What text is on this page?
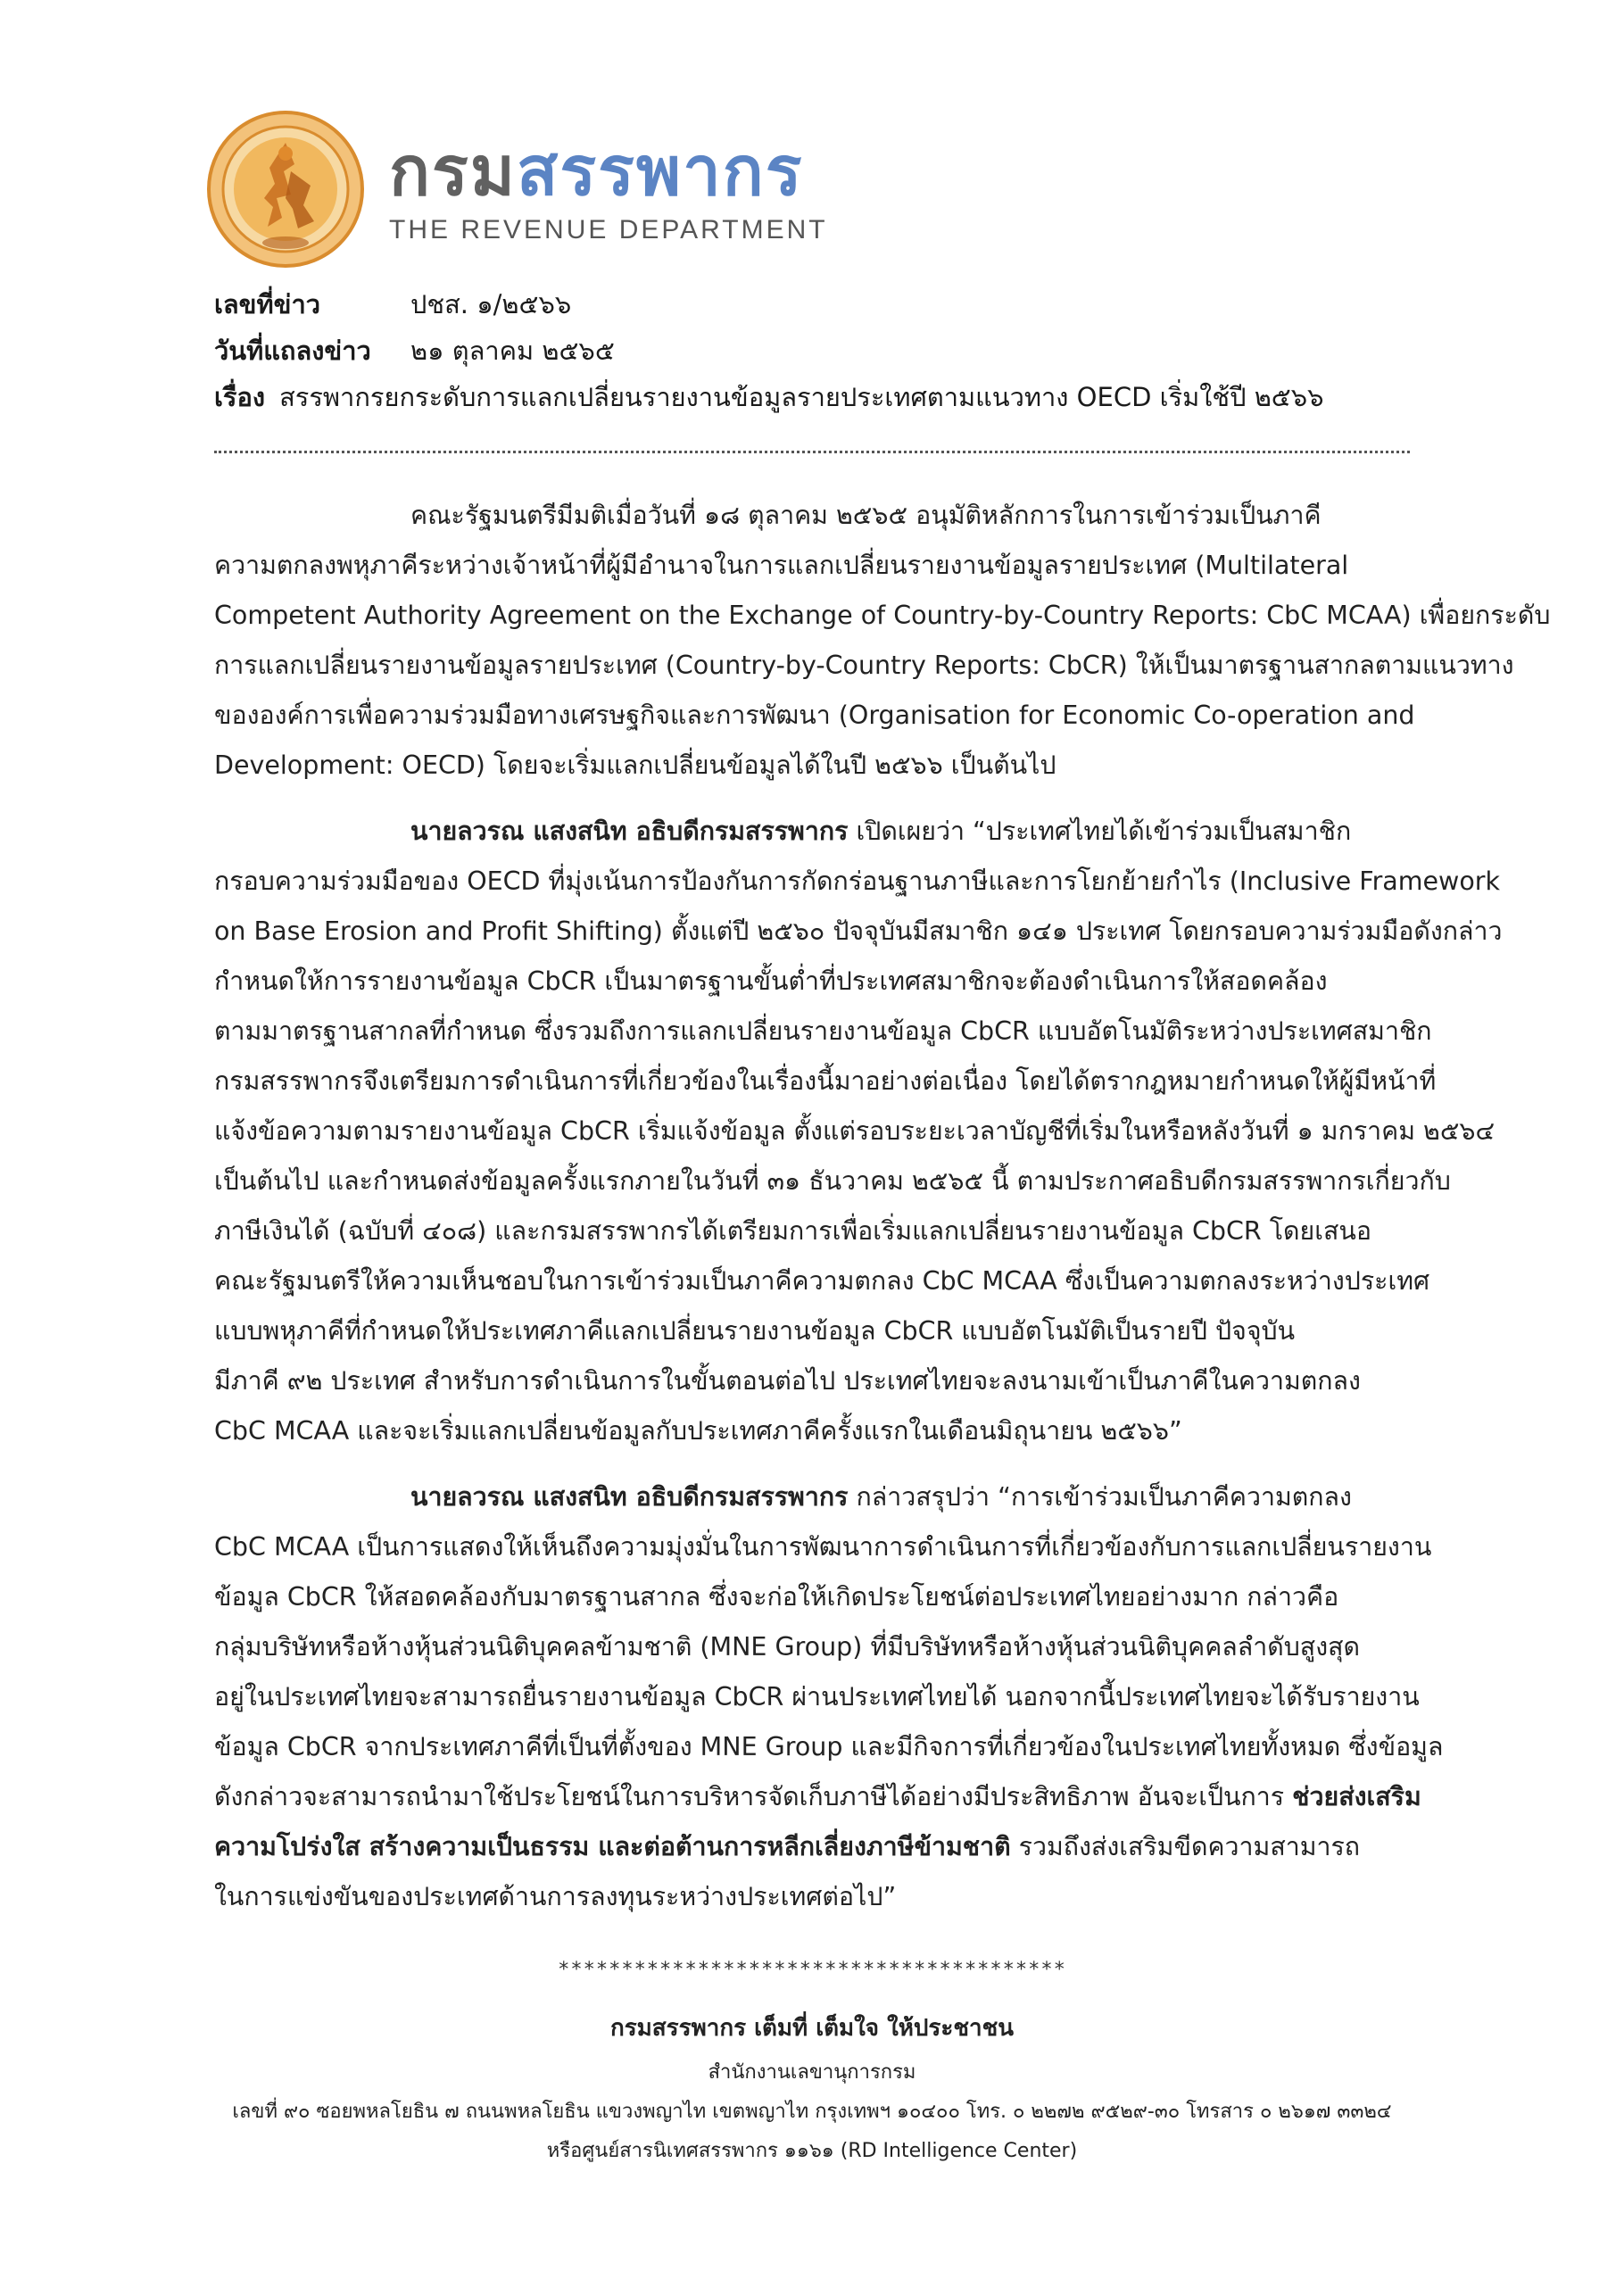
กรมสรรพากร
THE REVENUE DEPARTMENT
เลขที่ข่าว	ปชส. ๑/๒๕๖๖
วันที่แถลงข่าว	๒๑ ตุลาคม ๒๕๖๕
เรื่อง สรรพากรยกระดับการแลกเปลี่ยนรายงานข้อมูลรายประเทศตามแนวทาง OECD เริ่มใช้ปี ๒๕๖๖
คณะรัฐมนตรีมีมติเมื่อวันที่ ๑๘ ตุลาคม ๒๕๖๕ อนุมัติหลักการในการเข้าร่วมเป็นภาคี
ความตกลงพหุภาคีระหว่างเจ้าหน้าที่ผู้มีอำนาจในการแลกเปลี่ยนรายงานข้อมูลรายประเทศ (Multilateral
Competent Authority Agreement on the Exchange of Country-by-Country Reports: CbC MCAA) เพื่อยกระดับ
การแลกเปลี่ยนรายงานข้อมูลรายประเทศ (Country-by-Country Reports: CbCR) ให้เป็นมาตรฐานสากลตามแนวทาง
ขององค์การเพื่อความร่วมมือทางเศรษฐกิจและการพัฒนา (Organisation for Economic Co-operation and
Development: OECD) โดยจะเริ่มแลกเปลี่ยนข้อมูลได้ในปี ๒๕๖๖ เป็นต้นไป
นายลวรณ แสงสนิท อธิบดีกรมสรรพากร เปิดเผยว่า “ประเทศไทยได้เข้าร่วมเป็นสมาชิก
กรอบความร่วมมือของ OECD ที่มุ่งเน้นการป้องกันการกัดกร่อนฐานภาษีและการโยกย้ายกำไร (Inclusive Framework
on Base Erosion and Profit Shifting) ตั้งแต่ปี ๒๕๖๐ ปัจจุบันมีสมาชิก ๑๔๑ ประเทศ โดยกรอบความร่วมมือดังกล่าว
กำหนดให้การรายงานข้อมูล CbCR เป็นมาตรฐานขั้นต่ำที่ประเทศสมาชิกจะต้องดำเนินการให้สอดคล้อง
ตามมาตรฐานสากลที่กำหนด ซึ่งรวมถึงการแลกเปลี่ยนรายงานข้อมูล CbCR แบบอัตโนมัติระหว่างประเทศสมาชิก
กรมสรรพากรจึงเตรียมการดำเนินการที่เกี่ยวข้องในเรื่องนี้มาอย่างต่อเนื่อง โดยได้ตรากฎหมายกำหนดให้ผู้มีหน้าที่
แจ้งข้อความตามรายงานข้อมูล CbCR เริ่มแจ้งข้อมูล ตั้งแต่รอบระยะเวลาบัญชีที่เริ่มในหรือหลังวันที่ ๑ มกราคม ๒๕๖๔
เป็นต้นไป และกำหนดส่งข้อมูลครั้งแรกภายในวันที่ ๓๑ ธันวาคม ๒๕๖๕ นี้ ตามประกาศอธิบดีกรมสรรพากรเกี่ยวกับ
ภาษีเงินได้ (ฉบับที่ ๔๐๘) และกรมสรรพากรได้เตรียมการเพื่อเริ่มแลกเปลี่ยนรายงานข้อมูล CbCR โดยเสนอ
คณะรัฐมนตรีให้ความเห็นชอบในการเข้าร่วมเป็นภาคีความตกลง CbC MCAA ซึ่งเป็นความตกลงระหว่างประเทศ
แบบพหุภาคีที่กำหนดให้ประเทศภาคีแลกเปลี่ยนรายงานข้อมูล CbCR แบบอัตโนมัติเป็นรายปี ปัจจุบัน
มีภาคี ๙๒ ประเทศ สำหรับการดำเนินการในขั้นตอนต่อไป ประเทศไทยจะลงนามเข้าเป็นภาคีในความตกลง
CbC MCAA และจะเริ่มแลกเปลี่ยนข้อมูลกับประเทศภาคีครั้งแรกในเดือนมิถุนายน ๒๕๖๖”
นายลวรณ แสงสนิท อธิบดีกรมสรรพากร กล่าวสรุปว่า “การเข้าร่วมเป็นภาคีความตกลง
CbC MCAA เป็นการแสดงให้เห็นถึงความมุ่งมั่นในการพัฒนาการดำเนินการที่เกี่ยวข้องกับการแลกเปลี่ยนรายงาน
ข้อมูล CbCR ให้สอดคล้องกับมาตรฐานสากล ซึ่งจะก่อให้เกิดประโยชน์ต่อประเทศไทยอย่างมาก กล่าวคือ
กลุ่มบริษัทหรือห้างหุ้นส่วนนิติบุคคลข้ามชาติ (MNE Group) ที่มีบริษัทหรือห้างหุ้นส่วนนิติบุคคลลำดับสูงสุด
อยู่ในประเทศไทยจะสามารถยื่นรายงานข้อมูล CbCR ผ่านประเทศไทยได้ นอกจากนี้ประเทศไทยจะได้รับรายงาน
ข้อมูล CbCR จากประเทศภาคีที่เป็นที่ตั้งของ MNE Group และมีกิจการที่เกี่ยวข้องในประเทศไทยทั้งหมด ซึ่งข้อมูล
ดังกล่าวจะสามารถนำมาใช้ประโยชน์ในการบริหารจัดเก็บภาษีได้อย่างมีประสิทธิภาพ อันจะเป็นการ ช่วยส่งเสริม
ความโปร่งใส สร้างความเป็นธรรม และต่อต้านการหลีกเลี่ยงภาษีข้ามชาติ รวมถึงส่งเสริมขีดความสามารถ
ในการแข่งขันของประเทศด้านการลงทุนระหว่างประเทศต่อไป”
****************************************
กรมสรรพากร เต็มที่ เต็มใจ ให้ประชาชน
สำนักงานเลขานุการกรม
เลขที่ ๙๐ ซอยพหลโยธิน ๗ ถนนพหลโยธิน แขวงพญาไท เขตพญาไท กรุงเทพฯ ๑๐๔๐๐ โทร. ๐ ๒๒๗๒ ๙๕๒๙-๓๐ โทรสาร ๐ ๒๖๑๗ ๓๓๒๔
หรือศูนย์สารนิเทศสรรพากร ๑๑๖๑ (RD Intelligence Center)
